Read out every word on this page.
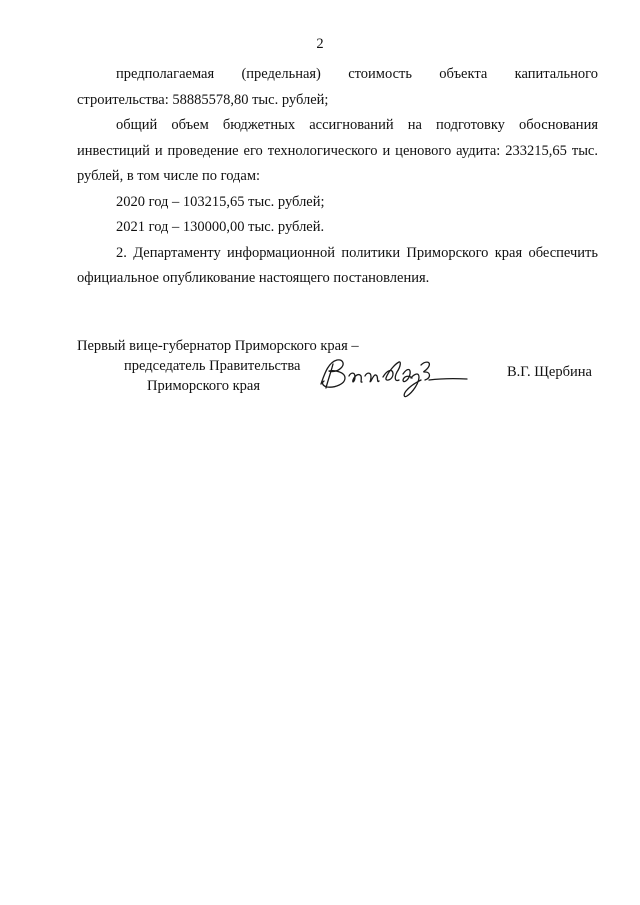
2

предполагаемая (предельная) стоимость объекта капитального

строительства: 58885578,80 тыс. рублей;

общий объем бюджетных ассигнований на подготовку обоснования инвестиций и проведение его технологического и ценового аудита: 233215,65 тыс. рублей, в том числе по годам:

2020 год – 103215,65 тыс. рублей;

2021 год – 130000,00 тыс. рублей.

2. Департаменту информационной политики Приморского края обеспечить официальное опубликование настоящего постановления.

Первый вице-губернатор Приморского края –
председатель Правительства
Приморского края
В.Г. Щербина
